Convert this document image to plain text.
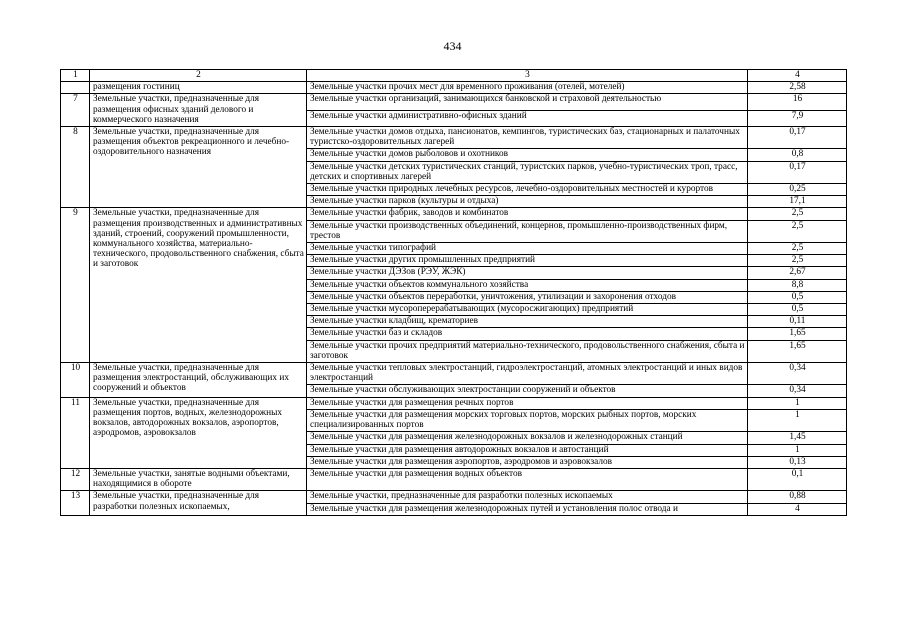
434
1	2	3	4
	размещения гостиниц	Земельные участки прочих мест для временного проживания (отелей, мотелей)	2,58
7	Земельные участки, предназначенные для размещения офисных зданий делового и коммерческого назначения	Земельные участки организаций, занимающихся банковской и страховой деятельностью	16
		Земельные участки административно-офисных зданий	7,9
8	Земельные участки, предназначенные для размещения объектов рекреационного и лечебно-оздоровительного назначения	Земельные участки домов отдыха, пансионатов, кемпингов, туристических баз, стационарных и палаточных туристско-оздоровительных лагерей	0,17
		Земельные участки домов рыболовов и охотников	0,8
		Земельные участки детских туристических станций, туристских парков, учебно-туристических троп, трасс, детских и спортивных лагерей	0,17
		Земельные участки природных лечебных ресурсов, лечебно-оздоровительных местностей и курортов	0,25
		Земельные участки парков (культуры и отдыха)	17,1
9	Земельные участки, предназначенные для размещения производственных и административных зданий, строений, сооружений промышленности, коммунального хозяйства, материально-технического, продовольственного снабжения, сбыта и заготовок	Земельные участки фабрик, заводов и комбинатов	2,5
		Земельные участки производственных объединений, концернов, промышленно-производственных фирм, трестов	2,5
		Земельные участки типографий	2,5
		Земельные участки других промышленных предприятий	2,5
		Земельные участки ДЭЗов (РЭУ, ЖЭК)	2,67
		Земельные участки объектов коммунального хозяйства	8,8
		Земельные участки объектов переработки, уничтожения, утилизации и захоронения отходов	0,5
		Земельные участки мусороперерабатывающих (мусоросжигающих) предприятий	0,5
		Земельные участки кладбищ, крематориев	0,11
		Земельные участки баз и складов	1,65
		Земельные участки прочих предприятий материально-технического, продовольственного снабжения, сбыта и заготовок	1,65
10	Земельные участки, предназначенные для размещения электростанций, обслуживающих их сооружений и объектов	Земельные участки тепловых электростанций, гидроэлектростанций, атомных электростанций и иных видов электростанций	0,34
		Земельные участки обслуживающих электростанции сооружений и объектов	0,34
11	Земельные участки, предназначенные для размещения портов, водных, железнодорожных вокзалов, автодорожных вокзалов, аэропортов, аэродромов, аэровокзалов	Земельные участки для размещения речных портов	1
		Земельные участки для размещения морских торговых портов, морских рыбных портов, морских специализированных портов	1
		Земельные участки для размещения железнодорожных вокзалов и железнодорожных станций	1,45
		Земельные участки для размещения автодорожных вокзалов и автостанций	1
		Земельные участки для размещения аэропортов, аэродромов и аэровокзалов	0,13
12	Земельные участки, занятые водными объектами, находящимися в обороте	Земельные участки для размещения водных объектов	0,1
13	Земельные участки, предназначенные для разработки полезных ископаемых,	Земельные участки, предназначенные для разработки полезных ископаемых	0,88
		Земельные участки для размещения железнодорожных путей и установления полос отвода и	4
